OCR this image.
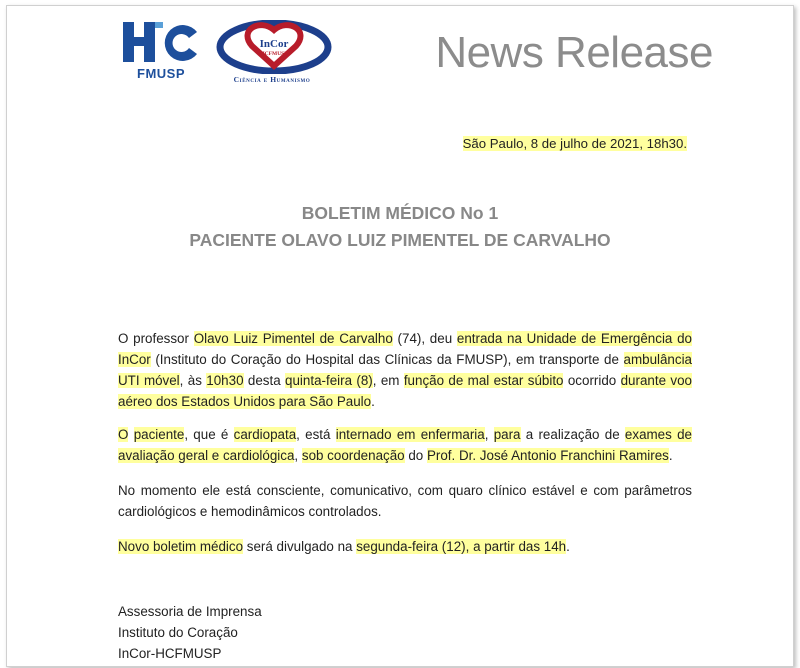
FMUSP
InCor
HCFMUSP
Ciência e Humanismo
News Release
São Paulo, 8 de julho de 2021, 18h30.
BOLETIM MÉDICO No 1
PACIENTE OLAVO LUIZ PIMENTEL DE CARVALHO
O professor Olavo Luiz Pimentel de Carvalho (74), deu entrada na Unidade de Emergência do InCor (Instituto do Coração do Hospital das Clínicas da FMUSP), em transporte de ambulância UTI móvel, às 10h30 desta quinta-feira (8), em função de mal estar súbito ocorrido durante voo aéreo dos Estados Unidos para São Paulo.
O paciente, que é cardiopata, está internado em enfermaria, para a realização de exames de avaliação geral e cardiológica, sob coordenação do Prof. Dr. José Antonio Franchini Ramires.
No momento ele está consciente, comunicativo, com quaro clínico estável e com parâmetros cardiológicos e hemodinâmicos controlados.
Novo boletim médico será divulgado na segunda-feira (12), a partir das 14h.
Assessoria de Imprensa
Instituto do Coração
InCor-HCFMUSP
